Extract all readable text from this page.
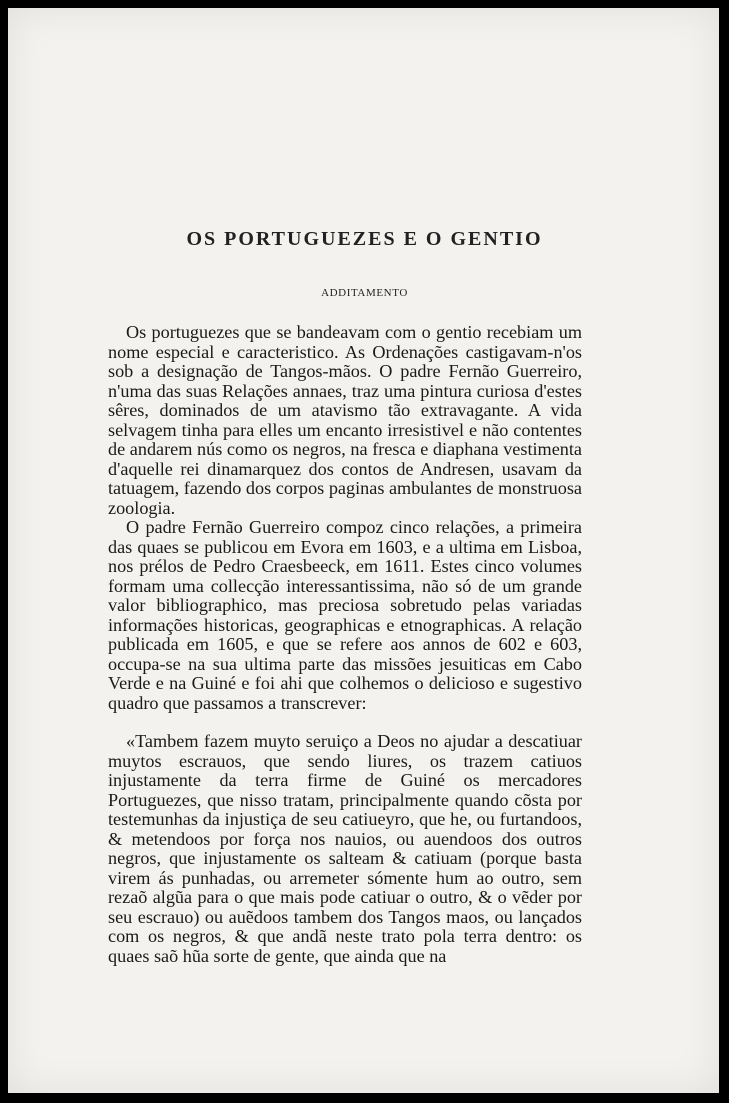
OS PORTUGUEZES E O GENTIO
ADDITAMENTO

Os portuguezes que se bandeavam com o gentio recebiam um nome especial e caracteristico. As Ordenações castigavam-n'os sob a designação de Tangos-mãos. O padre Fernão Guerreiro, n'uma das suas Relações annaes, traz uma pintura curiosa d'estes sêres, dominados de um atavismo tão extravagante. A vida selvagem tinha para elles um encanto irresistivel e não contentes de andarem nús como os negros, na fresca e diaphana vestimenta d'aquelle rei dinamarquez dos contos de Andresen, usavam da tatuagem, fazendo dos corpos paginas ambulantes de monstruosa zoologia.

O padre Fernão Guerreiro compoz cinco relações, a primeira das quaes se publicou em Evora em 1603, e a ultima em Lisboa, nos prélos de Pedro Craesbeeck, em 1611. Estes cinco volumes formam uma collecção interessantissima, não só de um grande valor bibliographico, mas preciosa sobretudo pelas variadas informações historicas, geographicas e etnographicas. A relação publicada em 1605, e que se refere aos annos de 602 e 603, occupa-se na sua ultima parte das missões jesuiticas em Cabo Verde e na Guiné e foi ahi que colhemos o delicioso e sugestivo quadro que passamos a transcrever:

«Tambem fazem muyto seruiço a Deos no ajudar a descatiuar muytos escrauos, que sendo liures, os trazem catiuos injustamente da terra firme de Guiné os mercadores Portuguezes, que nisso tratam, principalmente quando cõsta por testemunhas da injustiça de seu catiueyro, que he, ou furtandoos, & metendoos por força nos nauios, ou auendoos dos outros negros, que injustamente os salteam & catiuam (porque basta virem ás punhadas, ou arremeter sómente hum ao outro, sem rezaõ algũa para o que mais pode catiuar o outro, & o vẽder por seu escrauo) ou auẽdoos tambem dos Tangos maos, ou lançados com os negros, & que andã neste trato pola terra dentro: os quaes saõ hũa sorte de gente, que ainda que na
